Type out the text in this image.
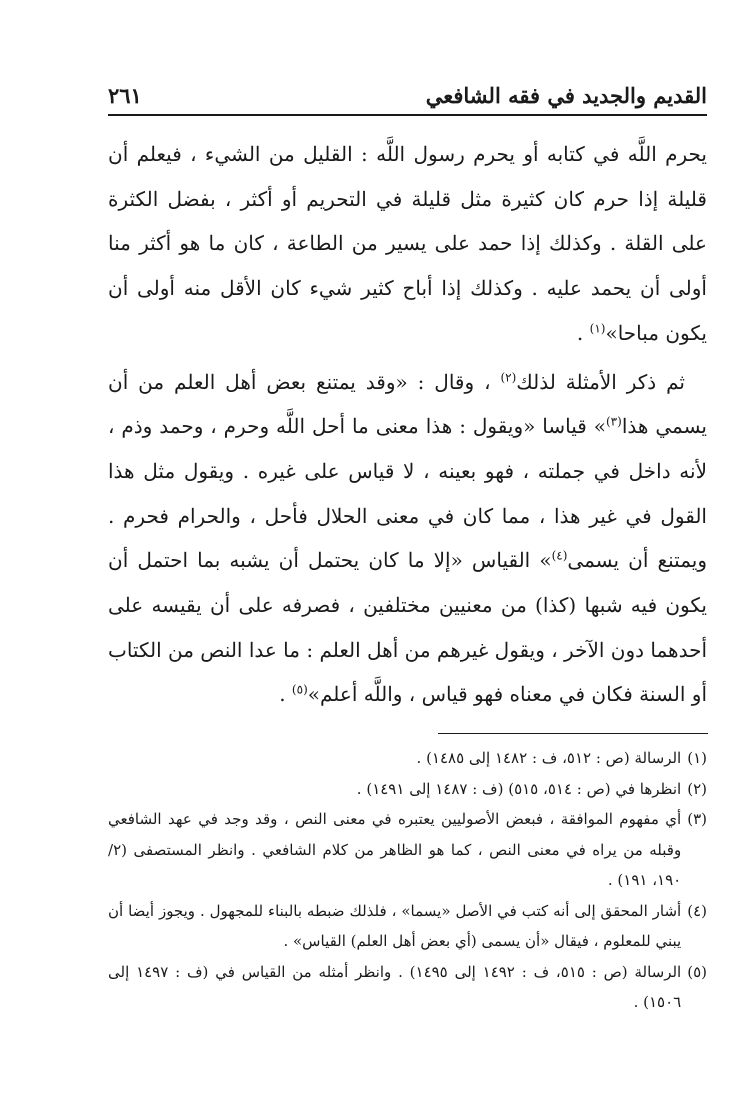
القديم والجديد في فقه الشافعي
٢٦١

يحرم اللَّه في كتابه أو يحرم رسول اللَّه : القليل من الشيء ، فيعلم أن قليلة إذا حرم كان كثيرة مثل قليلة في التحريم أو أكثر ، بفضل الكثرة على القلة . وكذلك إذا حمد على يسير من الطاعة ، كان ما هو أكثر منا أولى أن يحمد عليه . وكذلك إذا أباح كثير شيء كان الأقل منه أولى أن يكون مباحا»$^{(١)}$ .

ثم ذكر الأمثلة لذلك$^{(٢)}$ ، وقال : «وقد يمتنع بعض أهل العلم من أن يسمي هذا$^{(٣)}$» قياسا «ويقول : هذا معنى ما أحل اللَّه وحرم ، وحمد وذم ، لأنه داخل في جملته ، فهو بعينه ، لا قياس على غيره . ويقول مثل هذا القول في غير هذا ، مما كان في معنى الحلال فأحل ، والحرام فحرم . ويمتنع أن يسمى$^{(٤)}$» القياس «إلا ما كان يحتمل أن يشبه بما احتمل أن يكون فيه شبها (كذا) من معنيين مختلفين ، فصرفه على أن يقيسه على أحدهما دون الآخر ، ويقول غيرهم من أهل العلم : ما عدا النص من الكتاب أو السنة فكان في معناه فهو قياس ، واللَّه أعلم»$^{(٥)}$ .

(١)
الرسالة (ص : ٥١٢، ف : ١٤٨٢ إلى ١٤٨٥) .
(٢)
انظرها في (ص : ٥١٤، ٥١٥) (ف : ١٤٨٧ إلى ١٤٩١) .
(٣)
أي مفهوم الموافقة ، فبعض الأصوليين يعتبره في معنى النص ، وقد وجد في عهد الشافعي وقبله من يراه في معنى النص ، كما هو الظاهر من كلام الشافعي . وانظر المستصفى (٢/ ١٩٠، ١٩١) .
(٤)
أشار المحقق إلى أنه كتب في الأصل «يسما» ، فلذلك ضبطه بالبناء للمجهول . ويجوز أيضا أن يبني للمعلوم ، فيقال «أن يسمى (أي بعض أهل العلم) القياس» .
(٥)
الرسالة (ص : ٥١٥، ف : ١٤٩٢ إلى ١٤٩٥) . وانظر أمثله من القياس في (ف : ١٤٩٧ إلى ١٥٠٦) .
